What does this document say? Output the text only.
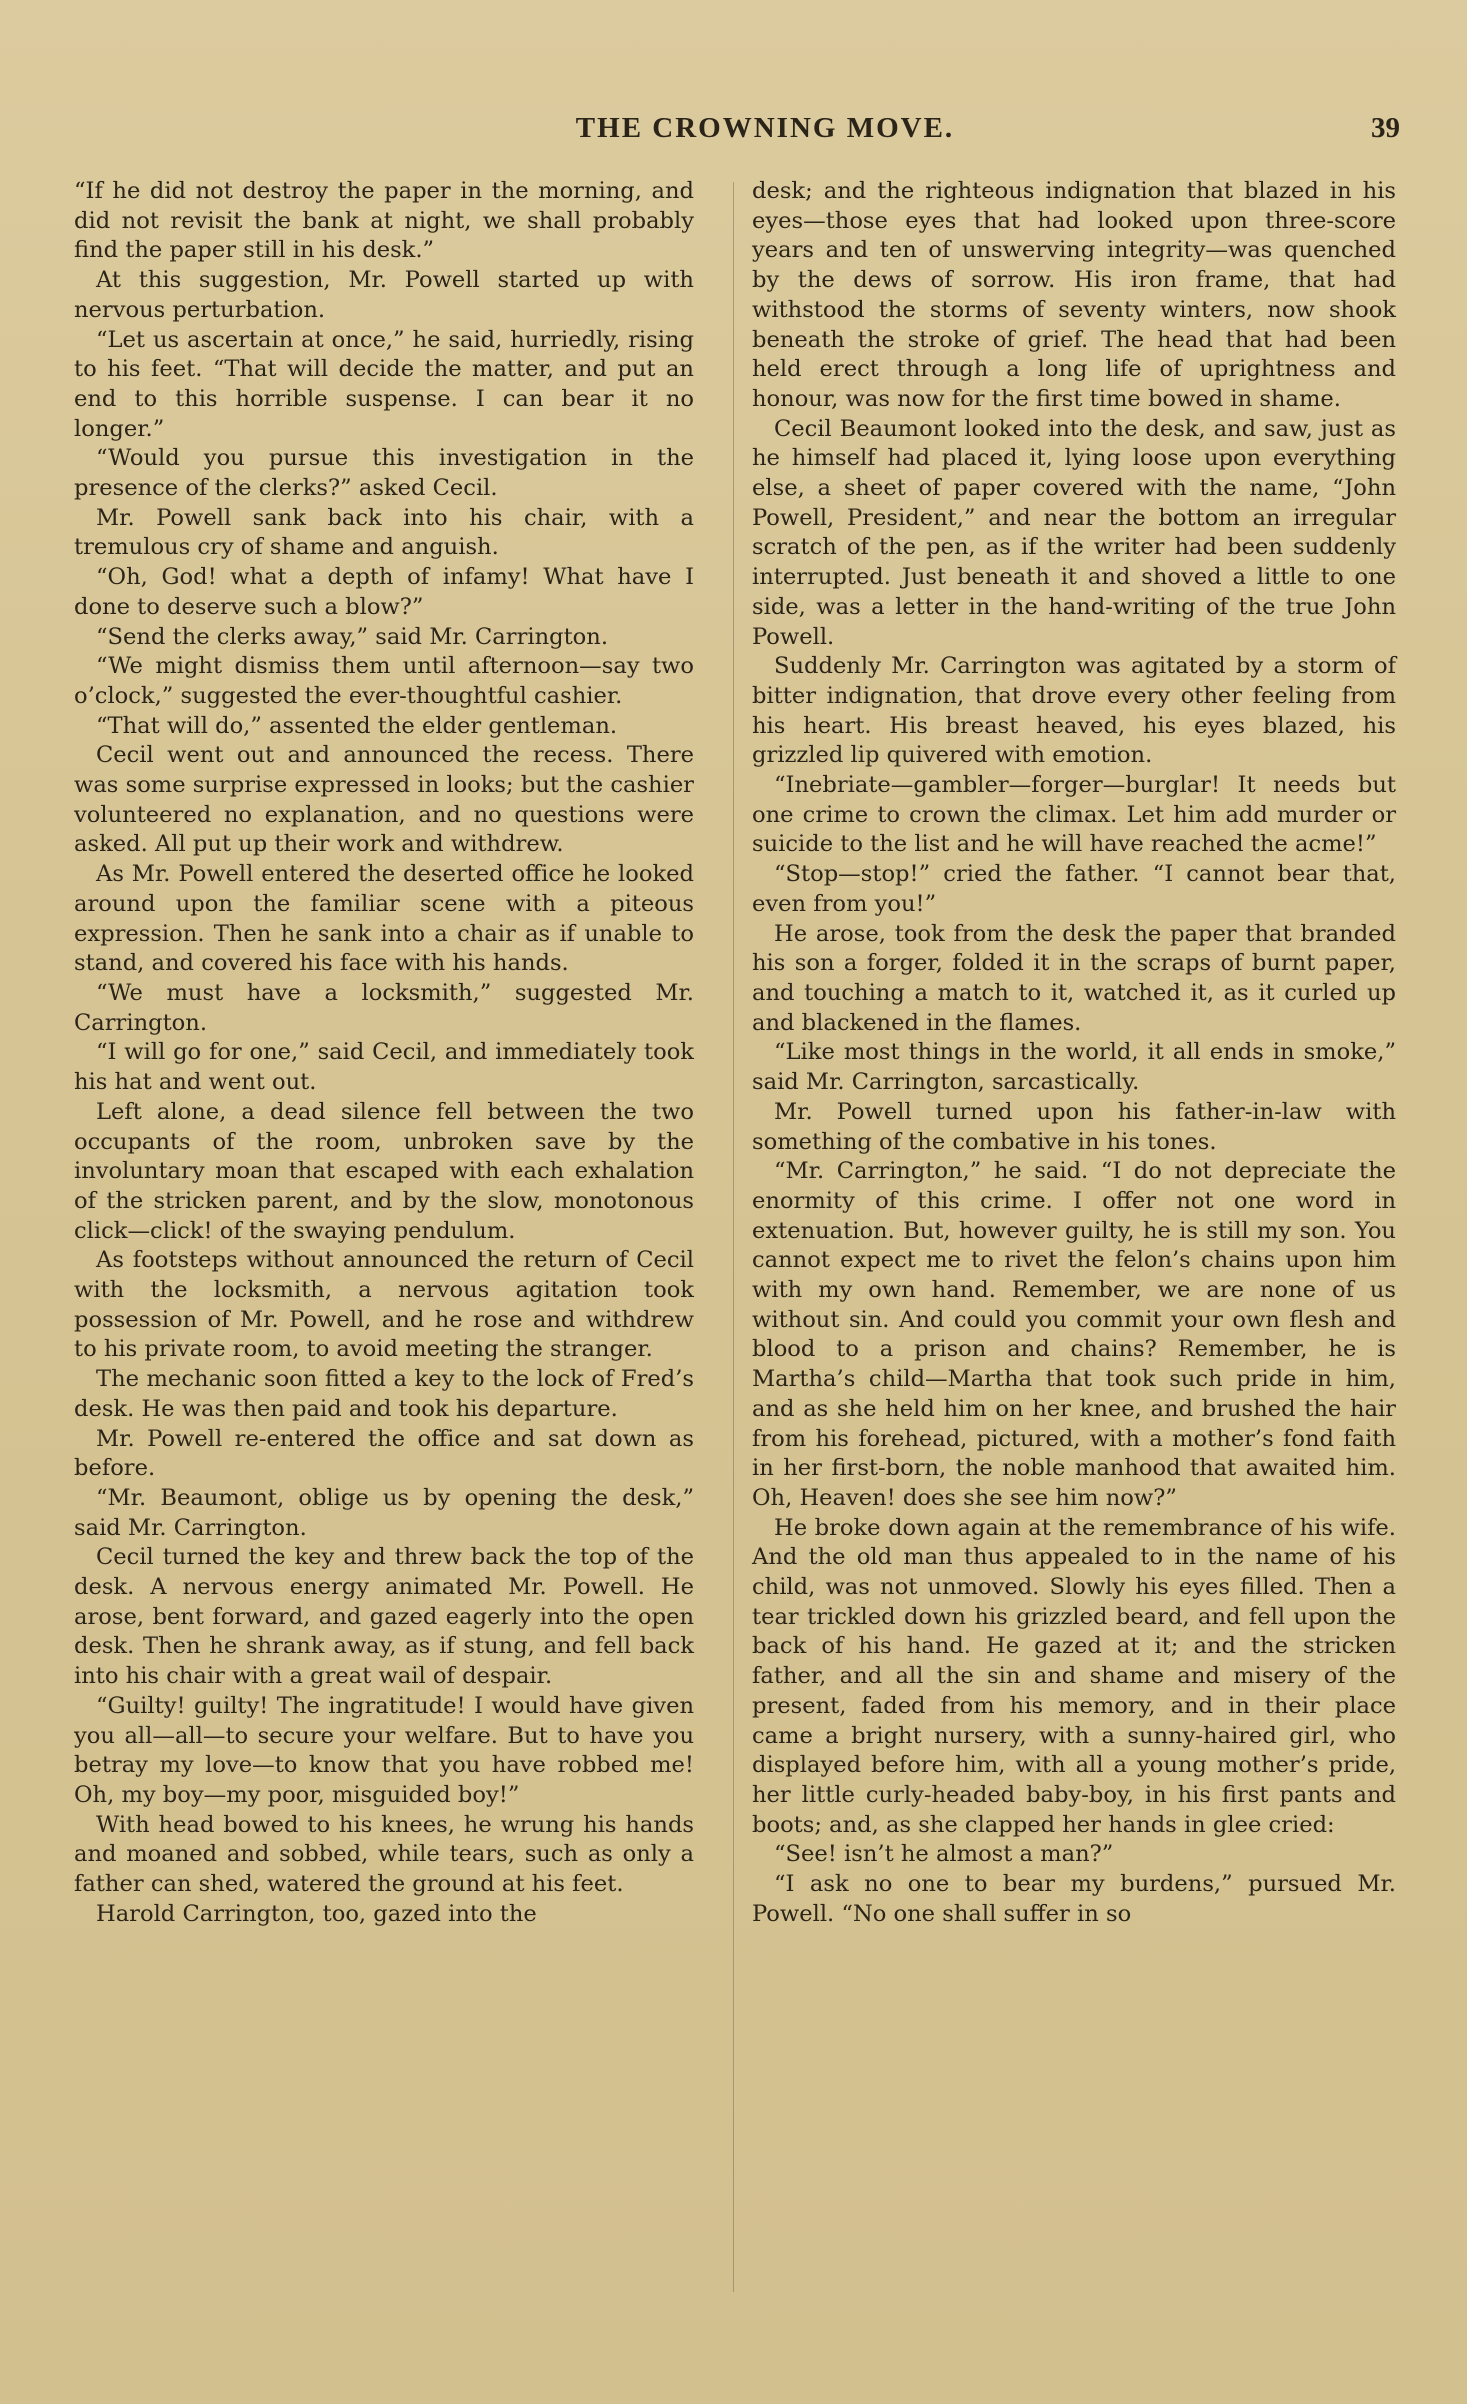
THE CROWNING MOVE.	39

“If he did not destroy the paper in the morning, and did not revisit the bank at night, we shall probably find the paper still in his desk.”

At this suggestion, Mr. Powell started up with nervous perturbation.

“Let us ascertain at once,” he said, hurriedly, rising to his feet. “That will decide the matter, and put an end to this horrible suspense. I can bear it no longer.”

“Would you pursue this investigation in the presence of the clerks?” asked Cecil.

Mr. Powell sank back into his chair, with a tremulous cry of shame and anguish.

“Oh, God! what a depth of infamy! What have I done to deserve such a blow?”

“Send the clerks away,” said Mr. Carrington.

“We might dismiss them until afternoon—say two o’clock,” suggested the ever-thoughtful cashier.

“That will do,” assented the elder gentleman.

Cecil went out and announced the recess. There was some surprise expressed in looks; but the cashier volunteered no explanation, and no questions were asked. All put up their work and withdrew.

As Mr. Powell entered the deserted office he looked around upon the familiar scene with a piteous expression. Then he sank into a chair as if unable to stand, and covered his face with his hands.

“We must have a locksmith,” suggested Mr. Carrington.

“I will go for one,” said Cecil, and immediately took his hat and went out.

Left alone, a dead silence fell between the two occupants of the room, unbroken save by the involuntary moan that escaped with each exhalation of the stricken parent, and by the slow, monotonous click—click! of the swaying pendulum.

As footsteps without announced the return of Cecil with the locksmith, a nervous agitation took possession of Mr. Powell, and he rose and withdrew to his private room, to avoid meeting the stranger.

The mechanic soon fitted a key to the lock of Fred’s desk. He was then paid and took his departure.

Mr. Powell re-entered the office and sat down as before.

“Mr. Beaumont, oblige us by opening the desk,” said Mr. Carrington.

Cecil turned the key and threw back the top of the desk. A nervous energy animated Mr. Powell. He arose, bent forward, and gazed eagerly into the open desk. Then he shrank away, as if stung, and fell back into his chair with a great wail of despair.

“Guilty! guilty! The ingratitude! I would have given you all—all—to secure your welfare. But to have you betray my love—to know that you have robbed me! Oh, my boy—my poor, misguided boy!”

With head bowed to his knees, he wrung his hands and moaned and sobbed, while tears, such as only a father can shed, watered the ground at his feet.

Harold Carrington, too, gazed into the

desk; and the righteous indignation that blazed in his eyes—those eyes that had looked upon three-score years and ten of unswerving integrity—was quenched by the dews of sorrow. His iron frame, that had withstood the storms of seventy winters, now shook beneath the stroke of grief. The head that had been held erect through a long life of uprightness and honour, was now for the first time bowed in shame.

Cecil Beaumont looked into the desk, and saw, just as he himself had placed it, lying loose upon everything else, a sheet of paper covered with the name, “John Powell, President,” and near the bottom an irregular scratch of the pen, as if the writer had been suddenly interrupted. Just beneath it and shoved a little to one side, was a letter in the hand-writing of the true John Powell.

Suddenly Mr. Carrington was agitated by a storm of bitter indignation, that drove every other feeling from his heart. His breast heaved, his eyes blazed, his grizzled lip quivered with emotion.

“Inebriate—gambler—forger—burglar! It needs but one crime to crown the climax. Let him add murder or suicide to the list and he will have reached the acme!”

“Stop—stop!” cried the father. “I cannot bear that, even from you!”

He arose, took from the desk the paper that branded his son a forger, folded it in the scraps of burnt paper, and touching a match to it, watched it, as it curled up and blackened in the flames.

“Like most things in the world, it all ends in smoke,” said Mr. Carrington, sarcastically.

Mr. Powell turned upon his father-in-law with something of the combative in his tones.

“Mr. Carrington,” he said. “I do not depreciate the enormity of this crime. I offer not one word in extenuation. But, however guilty, he is still my son. You cannot expect me to rivet the felon’s chains upon him with my own hand. Remember, we are none of us without sin. And could you commit your own flesh and blood to a prison and chains? Remember, he is Martha’s child—Martha that took such pride in him, and as she held him on her knee, and brushed the hair from his forehead, pictured, with a mother’s fond faith in her first-born, the noble manhood that awaited him. Oh, Heaven! does she see him now?”

He broke down again at the remembrance of his wife. And the old man thus appealed to in the name of his child, was not unmoved. Slowly his eyes filled. Then a tear trickled down his grizzled beard, and fell upon the back of his hand. He gazed at it; and the stricken father, and all the sin and shame and misery of the present, faded from his memory, and in their place came a bright nursery, with a sunny-haired girl, who displayed before him, with all a young mother’s pride, her little curly-headed baby-boy, in his first pants and boots; and, as she clapped her hands in glee cried:

“See! isn’t he almost a man?”

“I ask no one to bear my burdens,” pursued Mr. Powell. “No one shall suffer in so
